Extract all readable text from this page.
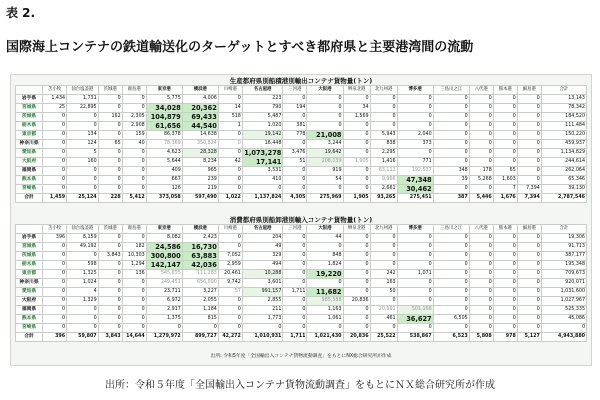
表 2.
国際海上コンテナの鉄道輸送化のターゲットとすべき都府県と主要港湾間の流動
生産都府県別船積港別輸出コンテナ貨物量(トン)
	苫小牧	仙台塩釜港	茨城港	鹿島港	東京港	横浜港	川崎港	名古屋港	三河港	大阪港	堺泉北港	北九州港	博多港	三島川之江	八代港	熊本港	細島港	合計
岩手県	1,434	1,731	0	0	5,775	4,006	0	223	0	0	0	0	0	0	0	0	0	13,143
宮城県	25	22,895	0	0	34,028	20,362	14	790	194	0	34	0	0	0	0	0	0	78,342
茨城県	0	0	162	2,305	104,879	69,433	518	5,487	0	0	1,569	0	0	0	0	0	0	184,520
栃木県	0	0	0	2,908	61,656	44,540	1	1,020	381	0	0	0	0	0	0	0	0	111,484
東京都	0	134	0	159	86,378	14,638	0	19,142	778	21,008	0	5,943	2,040	0	0	0	0	150,220
神奈川県	0	124	65	40	78,369	350,824	0	16,448	0	3,244	0	838	373	0	0	0	0	459,937
愛知県	0	5	0	0	4,623	28,328	0	1,073,278	3,476	19,642	0	2,295	0	0	0	0	0	1,134,829
大阪府	0	160	0	0	5,644	8,234	42	17,141	51	208,139	1,905	1,416	771	0	0	0	0	244,614
福岡県	0	0	0	0	409	965	0	3,531	0	919	0	63,112	192,537	348	178	65	0	262,064
熊本県	0	0	0	0	667	239	0	410	0	54	0	9,966	47,348	39	5,268	1,603	0	65,346
宮崎県	0	0	0	0	126	219	0	0	0	0	0	2,661	30,462	0	0	7	7,394	39,130
合計	1,459	25,124	228	5,412	373,058	597,490	1,022	1,137,824	4,305	275,969	1,905	93,265	275,451	387	5,446	1,676	7,394	2,787,546
消費都府県別船卸港別輸入コンテナ貨物量(トン)
	苫小牧	仙台塩釜港	茨城港	鹿島港	東京港	横浜港	川崎港	名古屋港	三河港	大阪港	堺泉北港	北九州港	博多港	三島川之江	八代港	熊本港	細島港	合計
岩手県	396	8,159	0	0	8,082	2,423	0	204	0	44	0	0	0	0	0	0	0	19,306
宮城県	0	49,192	0	182	24,586	16,730	0	49	0	0	0	0	0	0	0	0	0	91,713
茨城県	0	0	3,843	10,303	300,800	63,883	7,052	329	0	848	0	0	0	0	0	0	0	387,177
栃木県	0	598	0	1,294	142,147	42,036	2,959	494	0	1,824	0	0	0	0	0	0	0	195,348
東京都	0	1,325	0	136	545,655	111,283	20,461	10,288	0	19,220	0	242	1,071	0	0	0	0	709,673
神奈川県	0	1,024	0	0	249,451	656,090	9,742	3,601	0	0	0	163	0	0	0	0	0	920,071
愛知県	0	4	0	0	23,711	3,227	57	991,157	1,711	11,682	0	50	0	0	0	0	0	1,031,600
大阪府	0	1,329	0	0	6,972	2,055	0	2,855	0	985,588	20,836	0	0	0	0	0	0	1,027,967
福岡県	0	0	0	0	2,917	1,184	0	211	0	1,163	0	20,991	501,168	0	0	0	0	525,335
熊本県	0	0	0	0	1,375	815	0	1,773	0	1,061	0	461	36,627	6,505	0	0	0	45,086
宮崎県	0	0	0	0	0	0	0	0	0	0	0	0	0	0	0	0	0	0
合計	396	59,807	3,843	14,644	1,279,972	899,727	42,272	1,010,931	1,711	1,021,430	20,836	25,522	538,867	6,523	5,808	978	5,127	4,943,880
出所: 令和5年度「全国輸出入コンテナ貨物流動調査」をもとにNX総合研究所が作成
出所：令和５年度「全国輸出入コンテナ貨物流動調査」をもとにＮＸ総合研究所が作成
